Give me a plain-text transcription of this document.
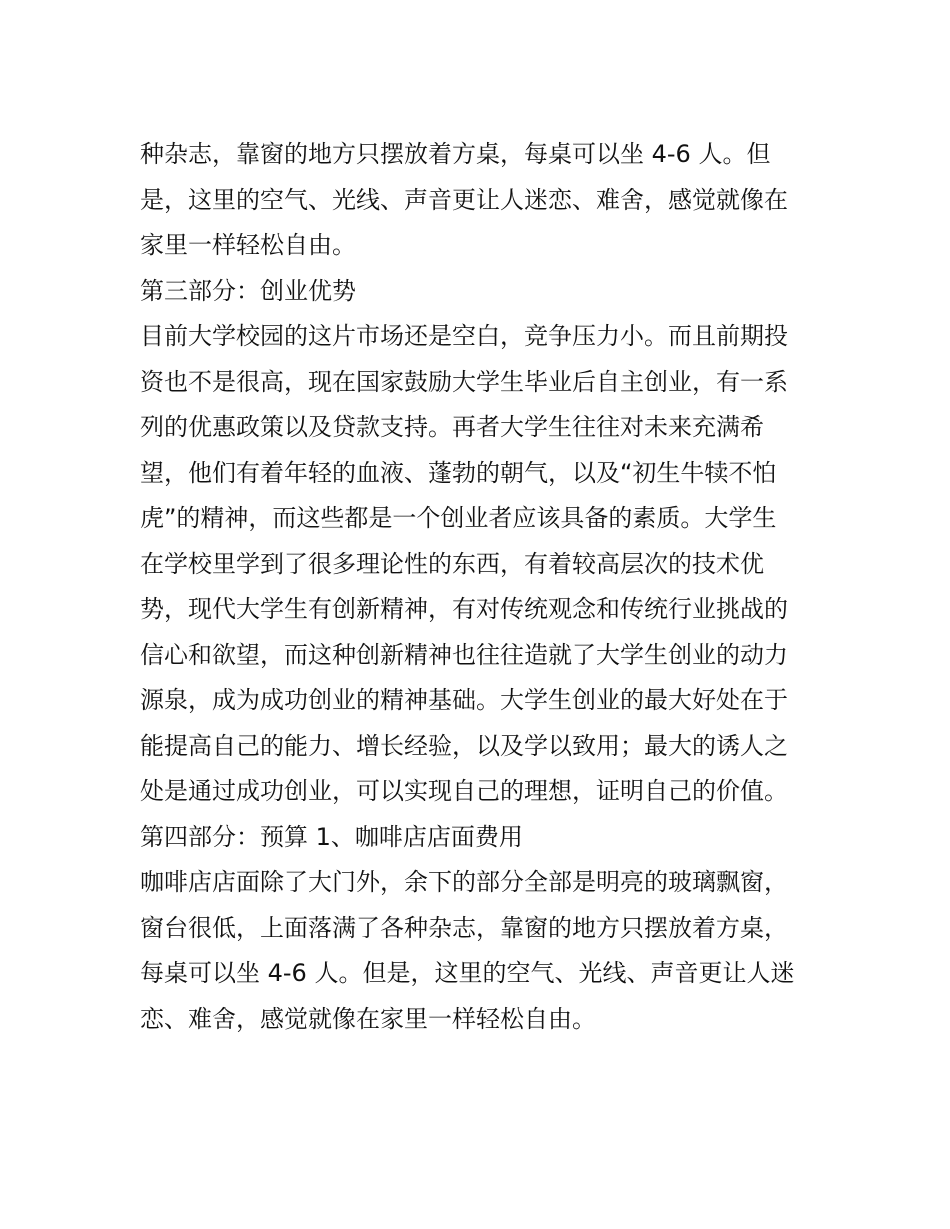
种杂志，靠窗的地方只摆放着方桌，每桌可以坐 4-6 人。但
是，这里的空气、光线、声音更让人迷恋、难舍，感觉就像在
家里一样轻松自由。
第三部分：创业优势
目前大学校园的这片市场还是空白，竞争压力小。而且前期投
资也不是很高，现在国家鼓励大学生毕业后自主创业，有一系
列的优惠政策以及贷款支持。再者大学生往往对未来充满希
望，他们有着年轻的血液、蓬勃的朝气，以及“初生牛犊不怕
虎”的精神，而这些都是一个创业者应该具备的素质。大学生
在学校里学到了很多理论性的东西，有着较高层次的技术优
势，现代大学生有创新精神，有对传统观念和传统行业挑战的
信心和欲望，而这种创新精神也往往造就了大学生创业的动力
源泉，成为成功创业的精神基础。大学生创业的最大好处在于
能提高自己的能力、增长经验，以及学以致用；最大的诱人之
处是通过成功创业，可以实现自己的理想，证明自己的价值。
第四部分：预算 1、咖啡店店面费用
咖啡店店面除了大门外，余下的部分全部是明亮的玻璃飘窗，
窗台很低，上面落满了各种杂志，靠窗的地方只摆放着方桌，
每桌可以坐 4-6 人。但是，这里的空气、光线、声音更让人迷
恋、难舍，感觉就像在家里一样轻松自由。
